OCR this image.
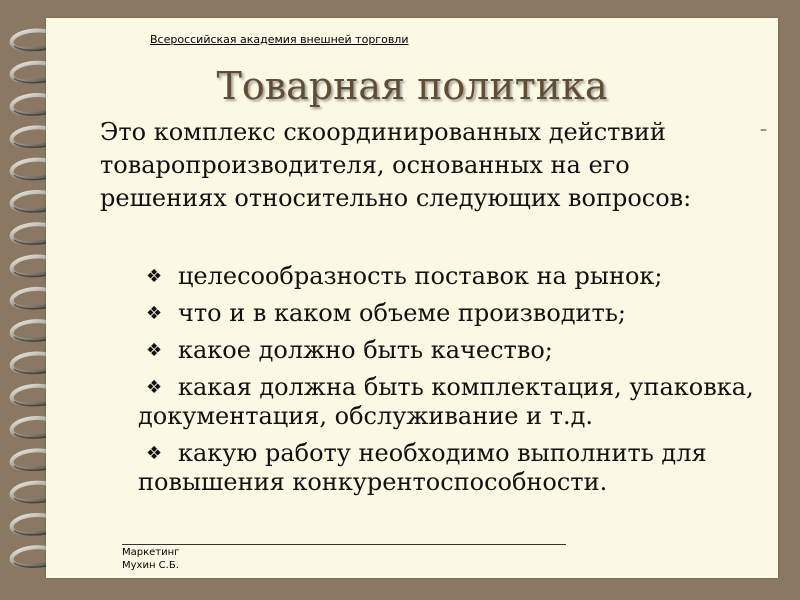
Всероссийская академия внешней торговли
Товарная политика
Это комплекс скоординированных действий товаропроизводителя, основанных на его решениях относительно следующих вопросов:
–
❖ целесообразность поставок на рынок;
❖ что и в каком объеме производить;
❖ какое должно быть качество;
❖ какая должна быть комплектация, упаковка, документация, обслуживание и т.д.
❖ какую работу необходимо выполнить для повышения конкурентоспособности.
Маркетинг
Мухин С.Б.
